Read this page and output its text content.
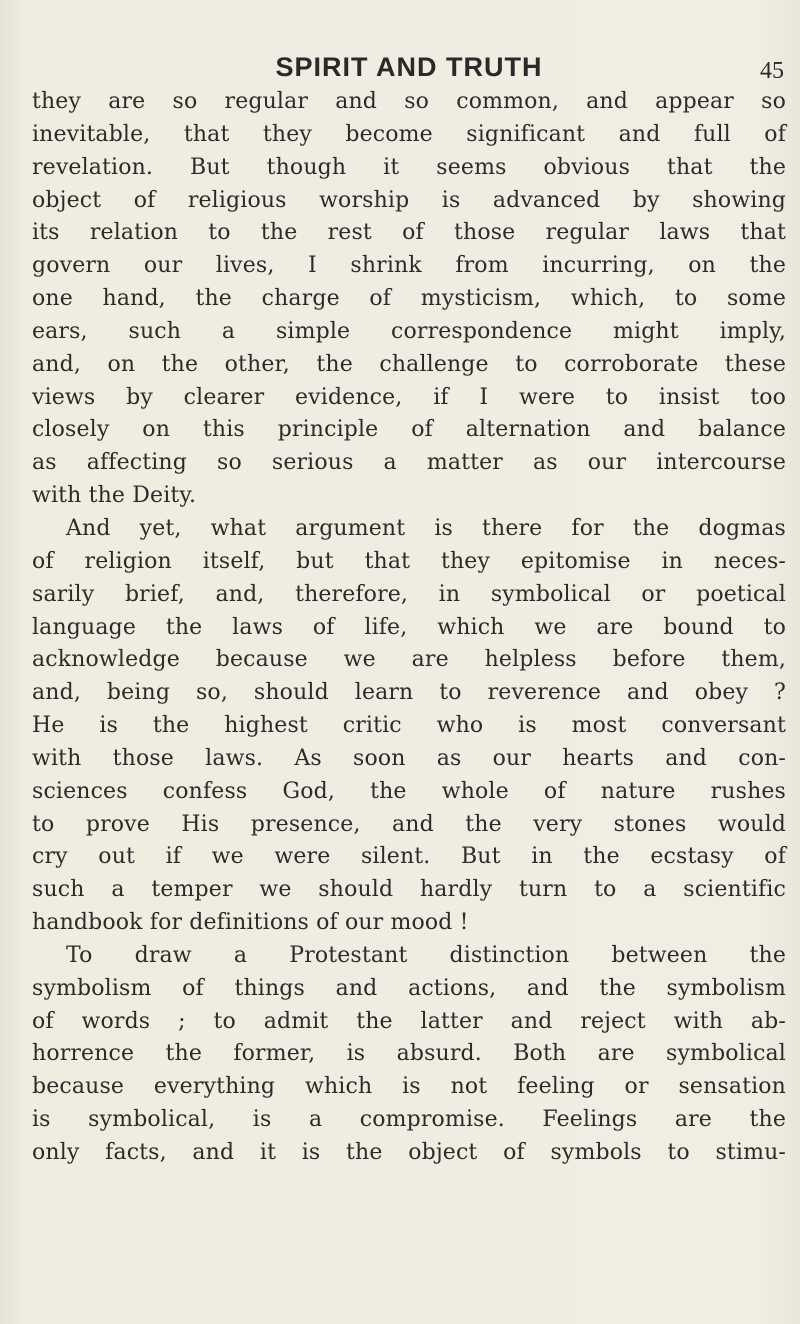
SPIRIT AND TRUTH	45
they are so regular and so common, and appear so
inevitable, that they become significant and full of
revelation. But though it seems obvious that the
object of religious worship is advanced by showing
its relation to the rest of those regular laws that
govern our lives, I shrink from incurring, on the
one hand, the charge of mysticism, which, to some
ears, such a simple correspondence might imply,
and, on the other, the challenge to corroborate these
views by clearer evidence, if I were to insist too
closely on this principle of alternation and balance
as affecting so serious a matter as our intercourse
with the Deity.
And yet, what argument is there for the dogmas
of religion itself, but that they epitomise in neces-
sarily brief, and, therefore, in symbolical or poetical
language the laws of life, which we are bound to
acknowledge because we are helpless before them,
and, being so, should learn to reverence and obey ?
He is the highest critic who is most conversant
with those laws. As soon as our hearts and con-
sciences confess God, the whole of nature rushes
to prove His presence, and the very stones would
cry out if we were silent. But in the ecstasy of
such a temper we should hardly turn to a scientific
handbook for definitions of our mood !
To draw a Protestant distinction between the
symbolism of things and actions, and the symbolism
of words ; to admit the latter and reject with ab-
horrence the former, is absurd. Both are symbolical
because everything which is not feeling or sensation
is symbolical, is a compromise. Feelings are the
only facts, and it is the object of symbols to stimu-
